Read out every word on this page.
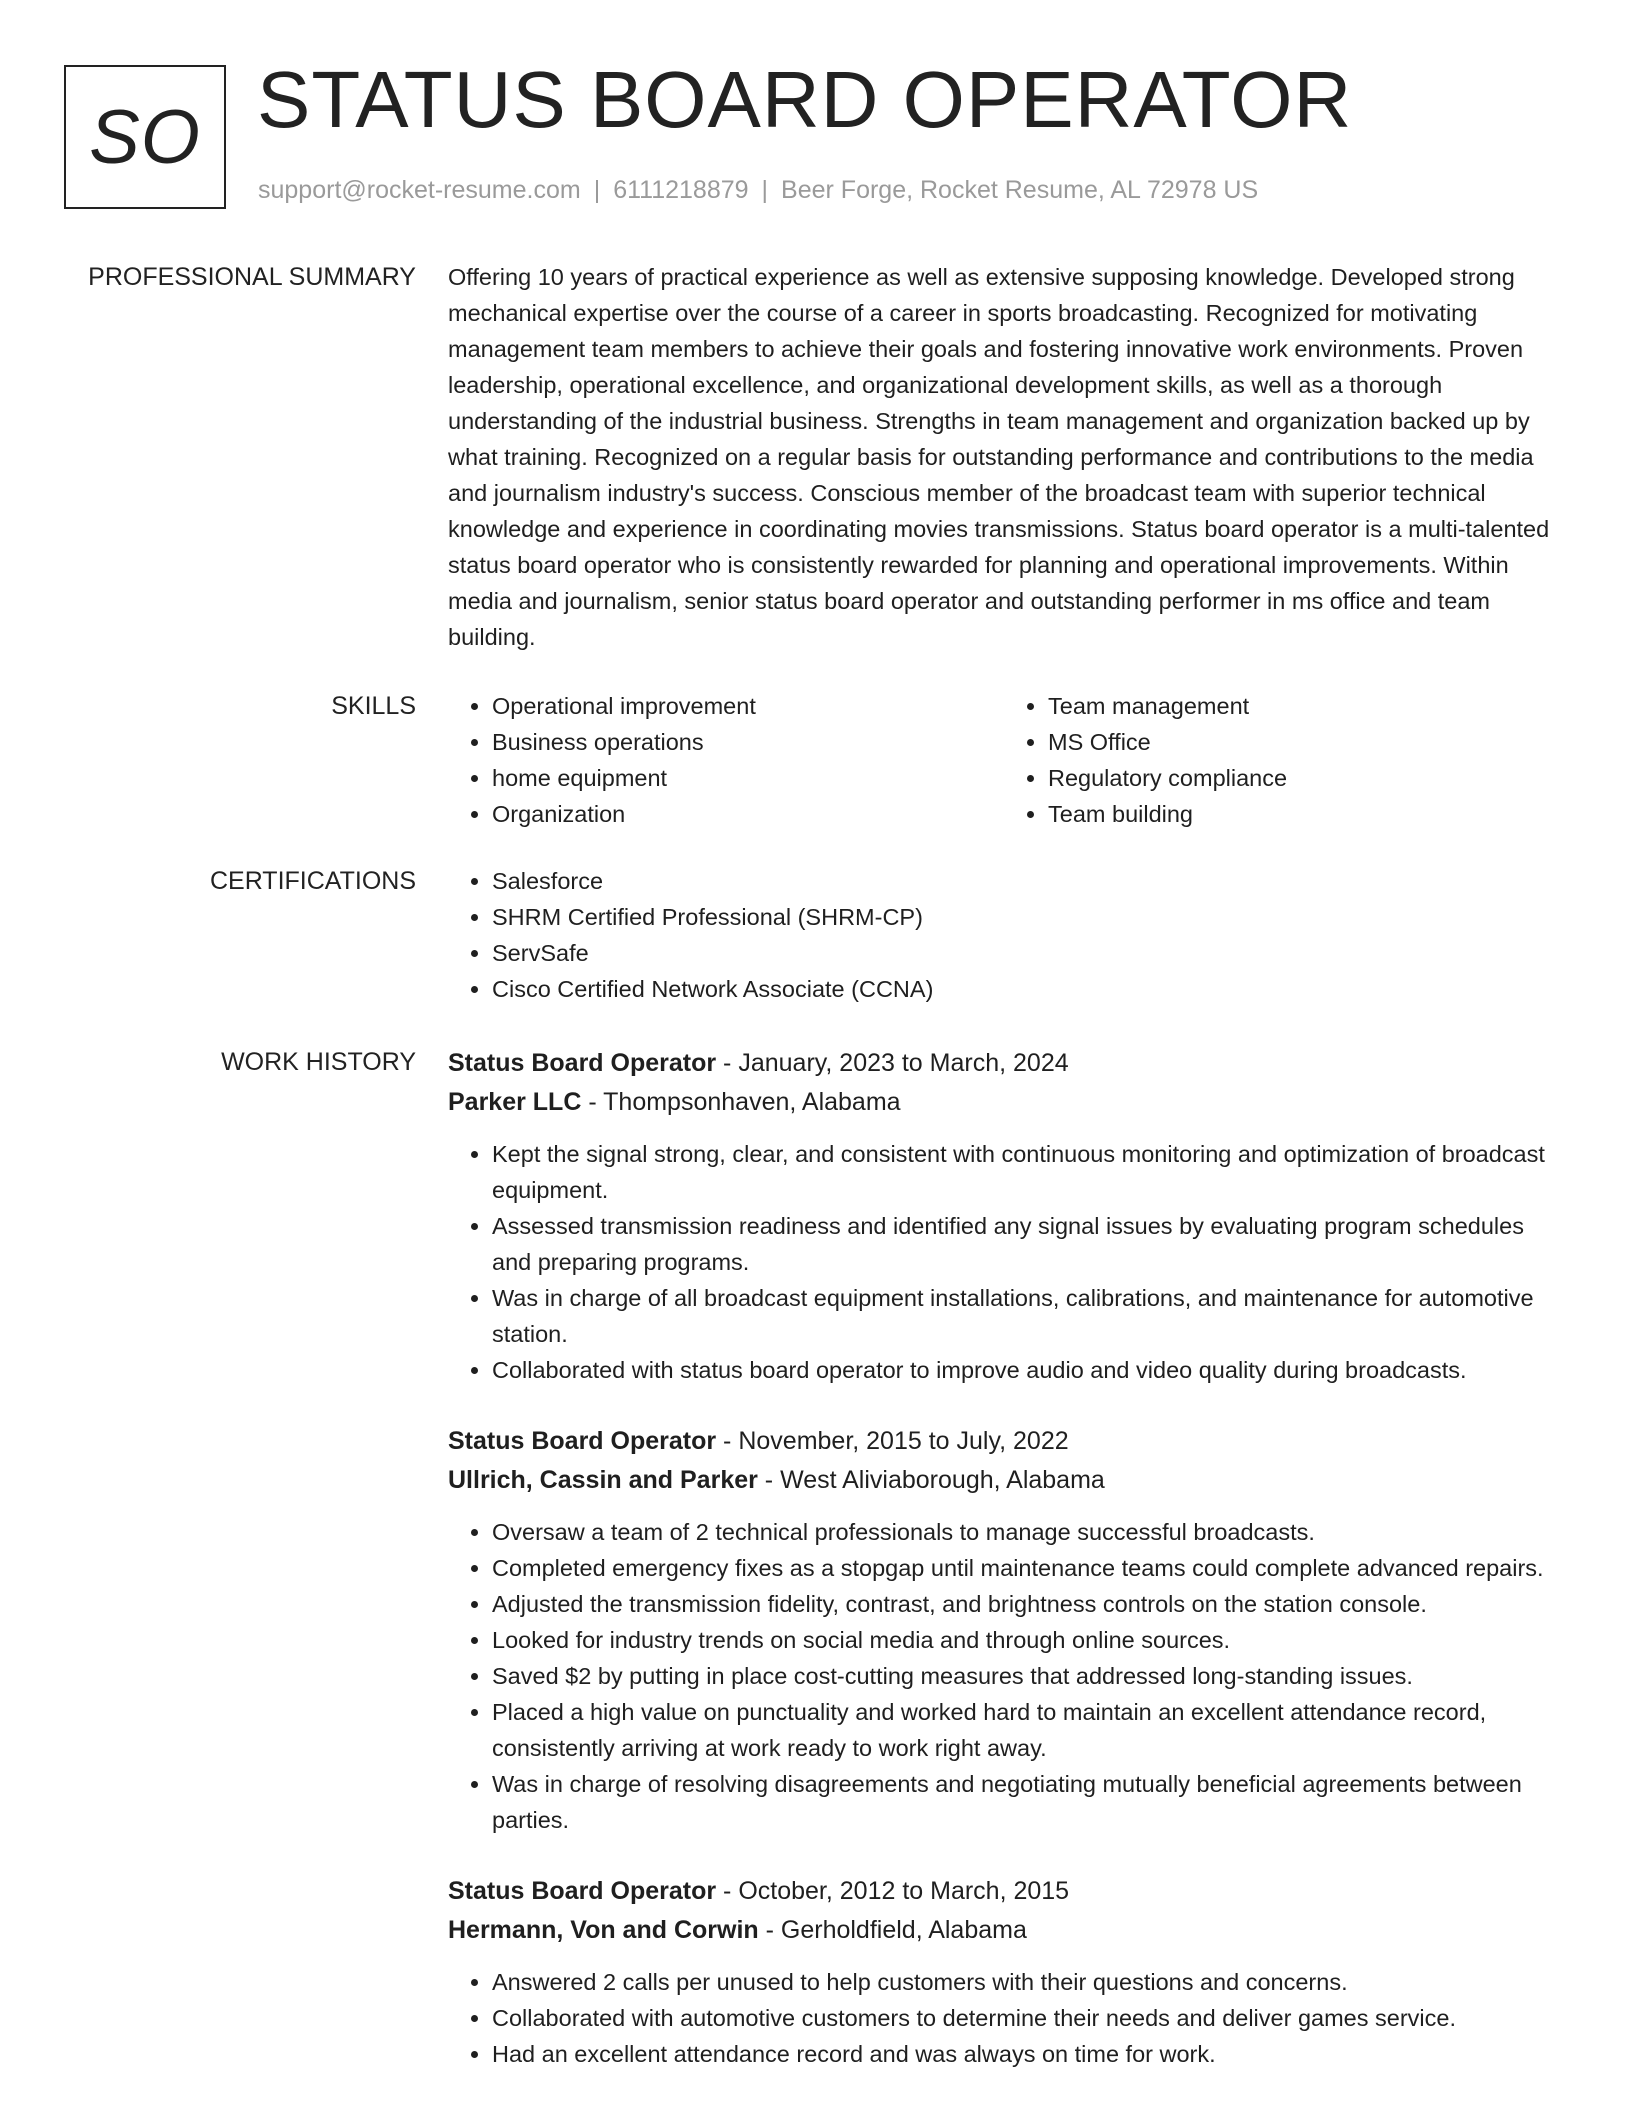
SO STATUS BOARD OPERATOR
support@rocket-resume.com | 6111218879 | Beer Forge, Rocket Resume, AL 72978 US
PROFESSIONAL SUMMARY Offering 10 years of practical experience as well as extensive supposing knowledge. Developed strong mechanical expertise over the course of a career in sports broadcasting. Recognized for motivating management team members to achieve their goals and fostering innovative work environments. Proven leadership, operational excellence, and organizational development skills, as well as a thorough understanding of the industrial business. Strengths in team management and organization backed up by what training. Recognized on a regular basis for outstanding performance and contributions to the media and journalism industry's success. Conscious member of the broadcast team with superior technical knowledge and experience in coordinating movies transmissions. Status board operator is a multi-talented status board operator who is consistently rewarded for planning and operational improvements. Within media and journalism, senior status board operator and outstanding performer in ms office and team building.

SKILLS	• Operational improvement
• Business operations
• home equipment
• Organization
• Team management
• MS Office
• Regulatory compliance
• Team building
CERTIFICATIONS	• Salesforce
• SHRM Certified Professional (SHRM-CP)
• ServSafe
• Cisco Certified Network Associate (CCNA)
WORK HISTORY Status Board Operator - January, 2023 to March, 2024
Parker LLC - Thompsonhaven, Alabama
• Kept the signal strong, clear, and consistent with continuous monitoring and optimization of broadcast equipment.
• Assessed transmission readiness and identified any signal issues by evaluating program schedules and preparing programs.
• Was in charge of all broadcast equipment installations, calibrations, and maintenance for automotive station.
• Collaborated with status board operator to improve audio and video quality during broadcasts.
Status Board Operator - November, 2015 to July, 2022
Ullrich, Cassin and Parker - West Aliviaborough, Alabama
• Oversaw a team of 2 technical professionals to manage successful broadcasts.
• Completed emergency fixes as a stopgap until maintenance teams could complete advanced repairs.
• Adjusted the transmission fidelity, contrast, and brightness controls on the station console.
• Looked for industry trends on social media and through online sources.
• Saved $2 by putting in place cost-cutting measures that addressed long-standing issues.
• Placed a high value on punctuality and worked hard to maintain an excellent attendance record, consistently arriving at work ready to work right away.
• Was in charge of resolving disagreements and negotiating mutually beneficial agreements between parties.
Status Board Operator - October, 2012 to March, 2015
Hermann, Von and Corwin - Gerholdfield, Alabama
• Answered 2 calls per unused to help customers with their questions and concerns.
• Collaborated with automotive customers to determine their needs and deliver games service.
• Had an excellent attendance record and was always on time for work.
